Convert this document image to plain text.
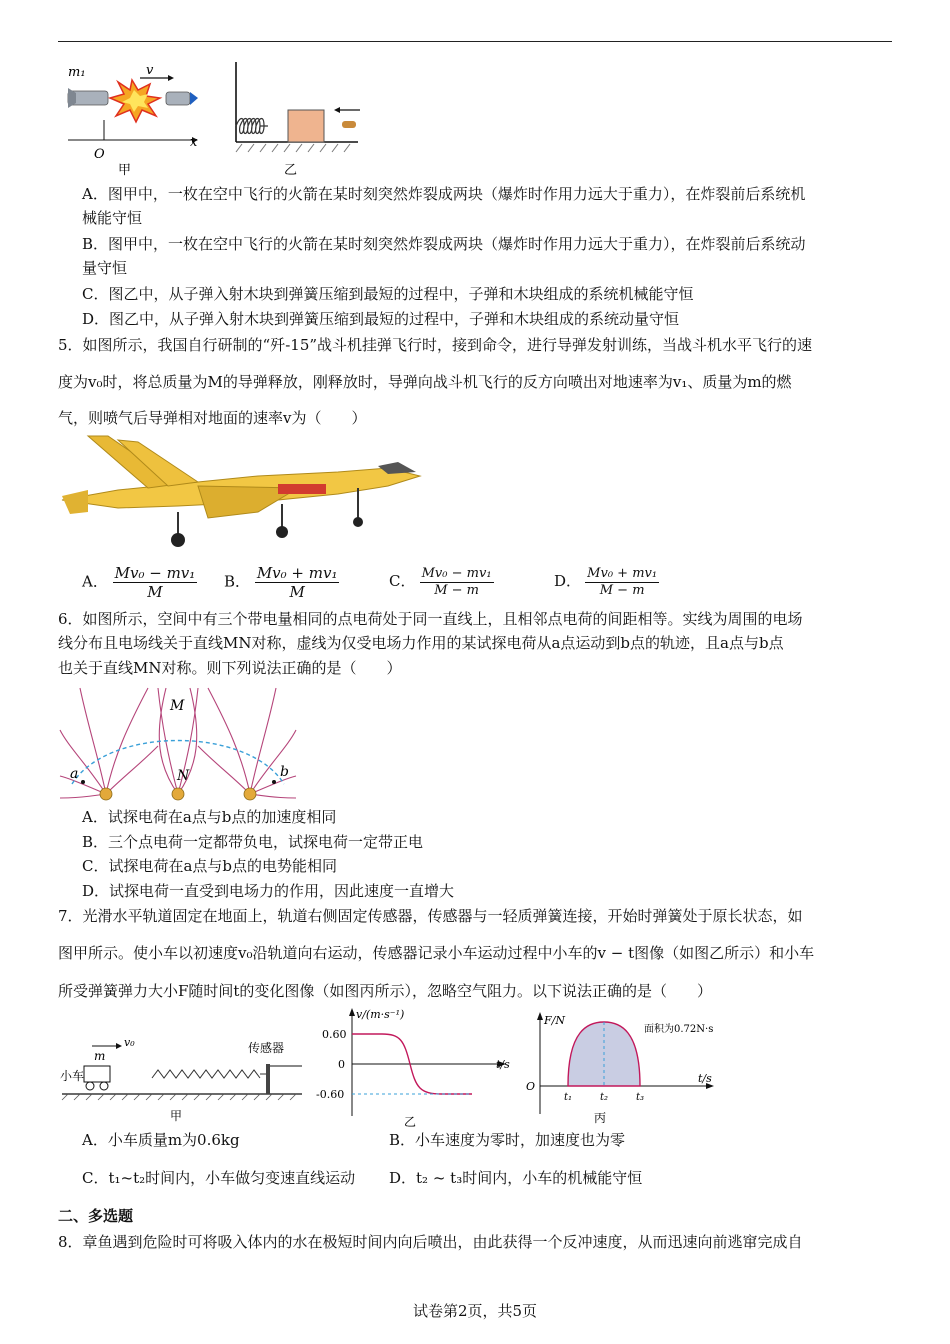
m₁	v
O
x
甲	乙
A．图甲中，一枚在空中飞行的火箭在某时刻突然炸裂成两块（爆炸时作用力远大于重力），在炸裂前后系统机
械能守恒
B．图甲中，一枚在空中飞行的火箭在某时刻突然炸裂成两块（爆炸时作用力远大于重力），在炸裂前后系统动
量守恒
C．图乙中，从子弹入射木块到弹簧压缩到最短的过程中，子弹和木块组成的系统机械能守恒
D．图乙中，从子弹入射木块到弹簧压缩到最短的过程中，子弹和木块组成的系统动量守恒
5．如图所示，我国自行研制的“歼-15”战斗机挂弹飞行时，接到命令，进行导弹发射训练，当战斗机水平飞行的速
度为v₀时，将总质量为M的导弹释放，刚释放时，导弹向战斗机飞行的反方向喷出对地速率为v₁、质量为m的燃
气，则喷气后导弹相对地面的速率v为（　　）
A． $\frac{\text{Mv₀ − mv₁}}{M}$ B． $\frac{\text{Mv₀ + mv₁}}{M}$	C． $\frac{\text{Mv₀ − mv₁}}{M - m}$	D． $\frac{\text{Mv₀ + mv₁}}{M - m}$
6．如图所示，空间中有三个带电量相同的点电荷处于同一直线上，且相邻点电荷的间距相等。实线为周围的电场
线分布且电场线关于直线MN对称，虚线为仅受电场力作用的某试探电荷从a点运动到b点的轨迹，且a点与b点
也关于直线MN对称。则下列说法正确的是（　　）
M
N
a	b
A．试探电荷在a点与b点的加速度相同
B．三个点电荷一定都带负电，试探电荷一定带正电
C．试探电荷在a点与b点的电势能相同
D．试探电荷一直受到电场力的作用，因此速度一直增大
7．光滑水平轨道固定在地面上，轨道右侧固定传感器，传感器与一轻质弹簧连接，开始时弹簧处于原长状态，如
图甲所示。使小车以初速度v₀沿轨道向右运动，传感器记录小车运动过程中小车的v − t图像（如图乙所示）和小车
所受弹簧弹力大小F随时间t的变化图像（如图丙所示），忽略空气阻力。以下说法正确的是（　　）
小车
m
v₀	传感器
甲
v/(m·s⁻¹)
0.60
0
-0.60
t/s
乙
F/N
O
t/s
面积为0.72N·s
t₁	t₂	t₃
丙
A．小车质量m为0.6kg	B．小车速度为零时，加速度也为零
C．t₁~t₂时间内，小车做匀变速直线运动 D．t₂ ~ t₃时间内，小车的机械能守恒
二、多选题
8．章鱼遇到危险时可将吸入体内的水在极短时间内向后喷出，由此获得一个反冲速度，从而迅速向前逃窜完成自
试卷第2页，共5页
